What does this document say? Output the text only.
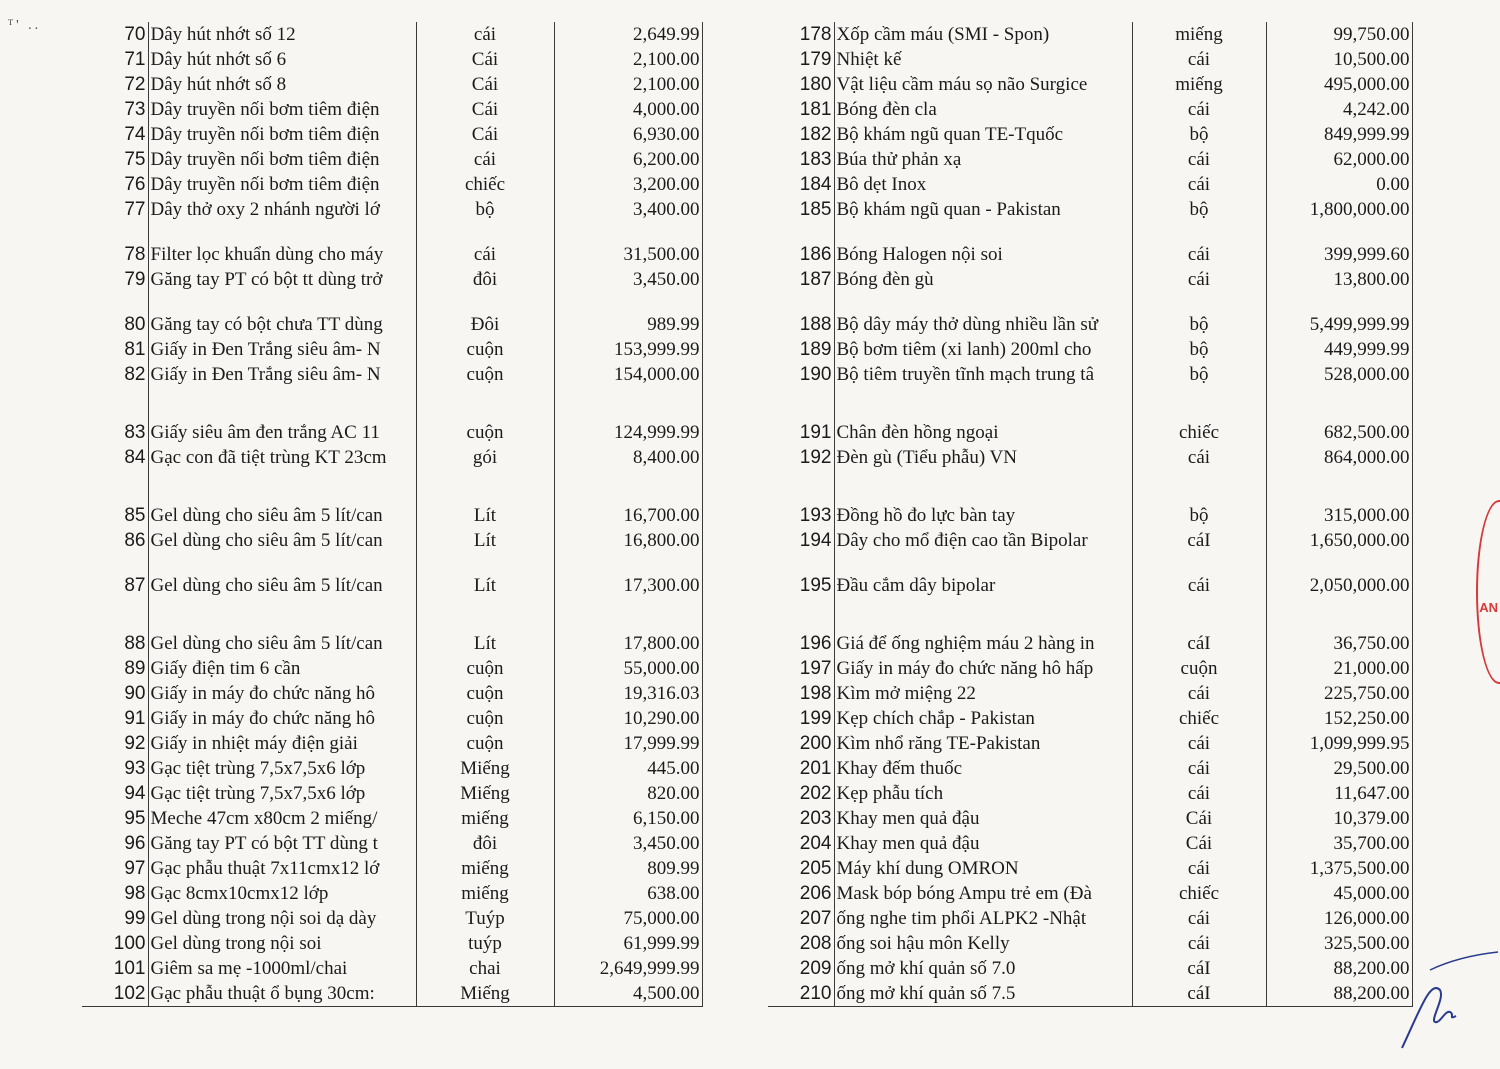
ᵀ' ..	70	Dây hút nhớt số 12	cái	2,649.99
71	Dây hút nhớt số 6	Cái	2,100.00
72	Dây hút nhớt số 8	Cái	2,100.00
73	Dây truyền nối bơm tiêm điện	Cái	4,000.00
74	Dây truyền nối bơm tiêm điện	Cái	6,930.00
75	Dây truyền nối bơm tiêm điện	cái	6,200.00
76	Dây truyền nối bơm tiêm điện	chiếc	3,200.00
77	Dây thở oxy 2 nhánh người lớ	bộ	3,400.00
78	Filter lọc khuẩn dùng cho máy	cái	31,500.00
79	Găng tay PT có bột tt dùng trở	đôi	3,450.00
80	Găng tay có bột chưa TT dùng	Đôi	989.99
81	Giấy in Đen Trắng siêu âm- N	cuộn	153,999.99
82	Giấy in Đen Trắng siêu âm- N	cuộn	154,000.00
83	Giấy siêu âm đen trắng AC 11	cuộn	124,999.99
84	Gạc con đã tiệt trùng KT 23cm	gói	8,400.00
85	Gel dùng cho siêu âm 5 lít/can	Lít	16,700.00
86	Gel dùng cho siêu âm 5 lít/can	Lít	16,800.00
87	Gel dùng cho siêu âm 5 lít/can	Lít	17,300.00
88	Gel dùng cho siêu âm 5 lít/can	Lít	17,800.00
89	Giấy điện tim 6 cần	cuộn	55,000.00
90	Giấy in máy đo chức năng hô	cuộn	19,316.03
91	Giấy in máy đo chức năng hô	cuộn	10,290.00
92	Giấy in nhiệt máy điện giải	cuộn	17,999.99
93	Gạc tiệt trùng 7,5x7,5x6 lớp	Miếng	445.00
94	Gạc tiệt trùng 7,5x7,5x6 lớp	Miếng	820.00
95	Meche 47cm x80cm 2 miếng/	miếng	6,150.00
96	Găng tay PT có bột TT dùng t	đôi	3,450.00
97	Gạc phẫu thuật 7x11cmx12 lớ	miếng	809.99
98	Gạc 8cmx10cmx12 lớp	miếng	638.00
99	Gel dùng trong nội soi dạ dày	Tuýp	75,000.00
100	Gel dùng trong nội soi	tuýp	61,999.99
101	Giêm sa mẹ -1000ml/chai	chai	2,649,999.99
102	Gạc phẫu thuật ổ bụng 30cm:	Miếng	4,500.00
178	Xốp cầm máu (SMI - Spon)	miếng	99,750.00
179	Nhiệt kế	cái	10,500.00
180	Vật liệu cầm máu sọ não Surgice	miếng	495,000.00
181	Bóng đèn cla	cái	4,242.00
182	Bộ khám ngũ quan TE-Tquốc	bộ	849,999.99
183	Búa thử phản xạ	cái	62,000.00
184	Bô dẹt Inox	cái	0.00
185	Bộ khám ngũ quan - Pakistan	bộ	1,800,000.00
186	Bóng Halogen nội soi	cái	399,999.60
187	Bóng đèn gù	cái	13,800.00
188	Bộ dây máy thở dùng nhiều lần sử	bộ	5,499,999.99
189	Bộ bơm tiêm (xi lanh) 200ml cho	bộ	449,999.99
190	Bộ tiêm truyền tĩnh mạch trung tâ	bộ	528,000.00
191	Chân đèn hồng ngoại	chiếc	682,500.00
192	Đèn gù (Tiểu phẫu) VN	cái	864,000.00
193	Đồng hồ đo lực bàn tay	bộ	315,000.00
194	Dây cho mổ điện cao tần Bipolar	cáI	1,650,000.00
195	Đầu cắm dây bipolar	cái	2,050,000.00
196	Giá để ống nghiệm máu 2 hàng in	cáI	36,750.00
197	Giấy in máy đo chức năng hô hấp	cuộn	21,000.00
198	Kìm mở miệng 22	cái	225,750.00
199	Kẹp chích chắp - Pakistan	chiếc	152,250.00
200	Kìm nhổ răng TE-Pakistan	cái	1,099,999.95
201	Khay đếm thuốc	cái	29,500.00
202	Kẹp phẫu tích	cái	11,647.00
203	Khay men quả đậu	Cái	10,379.00
204	Khay men quả đậu	Cái	35,700.00
205	Máy khí dung OMRON	cái	1,375,500.00
206	Mask bóp bóng Ampu trẻ em (Đà	chiếc	45,000.00
207	ống nghe tim phổi ALPK2 -Nhật	cái	126,000.00
208	ống soi hậu môn Kelly	cái	325,500.00
209	ống mở khí quản số 7.0	cáI	88,200.00
210	ống mở khí quản số 7.5	cáI	88,200.00
AN
